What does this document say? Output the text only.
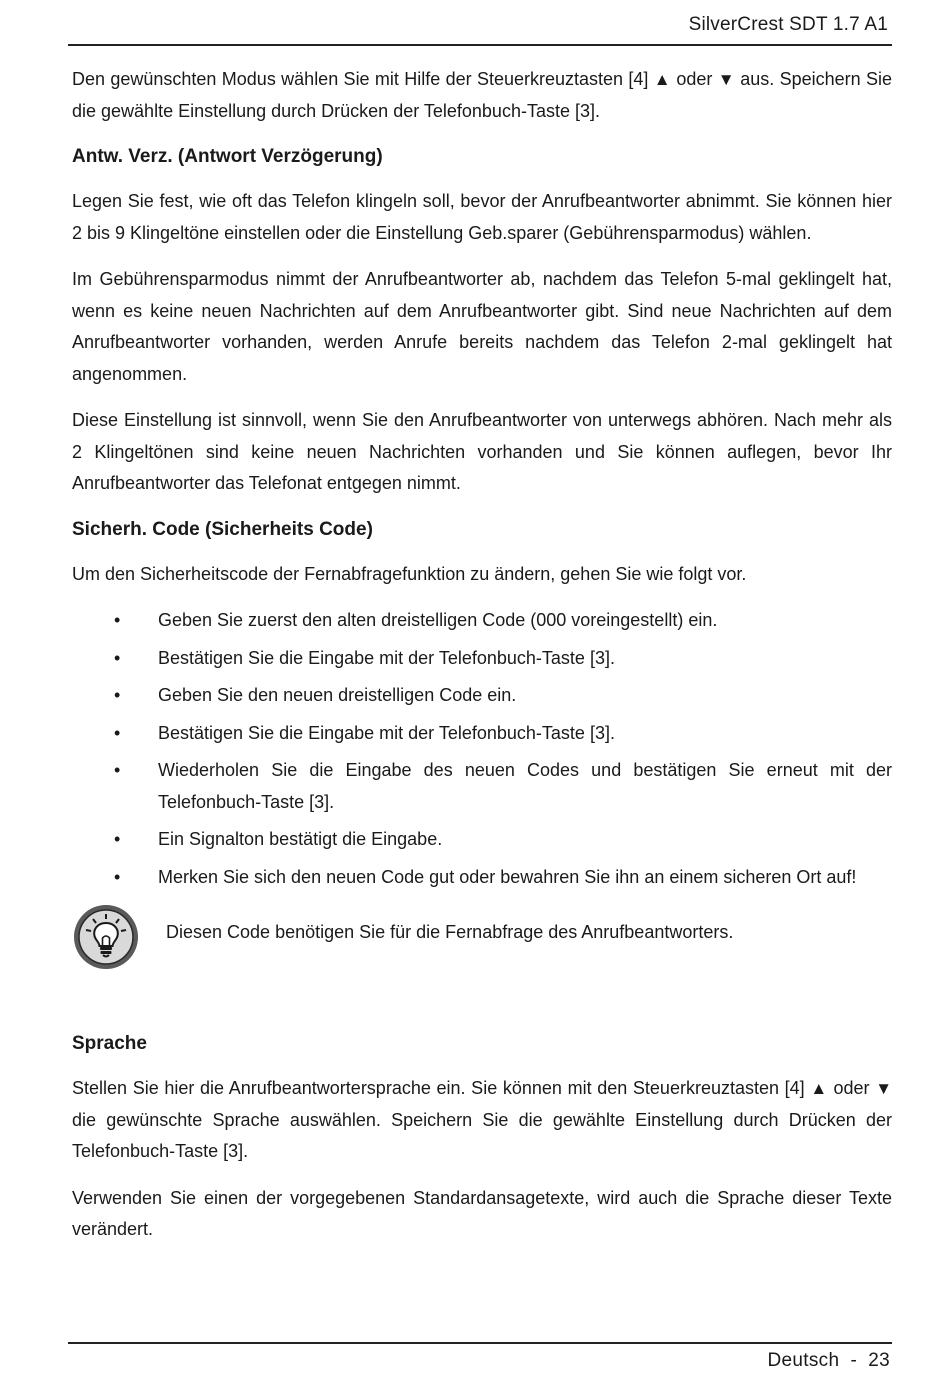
SilverCrest SDT 1.7 A1

Den gewünschten Modus wählen Sie mit Hilfe der Steuerkreuztasten [4] ▲ oder ▼ aus. Speichern Sie die gewählte Einstellung durch Drücken der Telefonbuch-Taste [3].

Antw. Verz. (Antwort Verzögerung)

Legen Sie fest, wie oft das Telefon klingeln soll, bevor der Anrufbeantworter abnimmt. Sie können hier 2 bis 9 Klingeltöne einstellen oder die Einstellung Geb.sparer (Gebührensparmodus) wählen.

Im Gebührensparmodus nimmt der Anrufbeantworter ab, nachdem das Telefon 5-mal geklingelt hat, wenn es keine neuen Nachrichten auf dem Anrufbeantworter gibt. Sind neue Nachrichten auf dem Anrufbeantworter vorhanden, werden Anrufe bereits nachdem das Telefon 2-mal geklingelt hat angenommen.

Diese Einstellung ist sinnvoll, wenn Sie den Anrufbeantworter von unterwegs abhören. Nach mehr als 2 Klingeltönen sind keine neuen Nachrichten vorhanden und Sie können auflegen, bevor Ihr Anrufbeantworter das Telefonat entgegen nimmt.

Sicherh. Code (Sicherheits Code)

Um den Sicherheitscode der Fernabfragefunktion zu ändern, gehen Sie wie folgt vor.

• Geben Sie zuerst den alten dreistelligen Code (000 voreingestellt) ein.
• Bestätigen Sie die Eingabe mit der Telefonbuch-Taste [3].
• Geben Sie den neuen dreistelligen Code ein.
• Bestätigen Sie die Eingabe mit der Telefonbuch-Taste [3].
• Wiederholen Sie die Eingabe des neuen Codes und bestätigen Sie erneut mit der Telefonbuch-Taste [3].
• Ein Signalton bestätigt die Eingabe.
• Merken Sie sich den neuen Code gut oder bewahren Sie ihn an einem sicheren Ort auf!
Diesen Code benötigen Sie für die Fernabfrage des Anrufbeantworters.
Sprache

Stellen Sie hier die Anrufbeantwortersprache ein. Sie können mit den Steuerkreuztasten [4] ▲ oder ▼ die gewünschte Sprache auswählen. Speichern Sie die gewählte Einstellung durch Drücken der Telefonbuch-Taste [3].

Verwenden Sie einen der vorgegebenen Standardansagetexte, wird auch die Sprache dieser Texte verändert.

Deutsch  -  23
